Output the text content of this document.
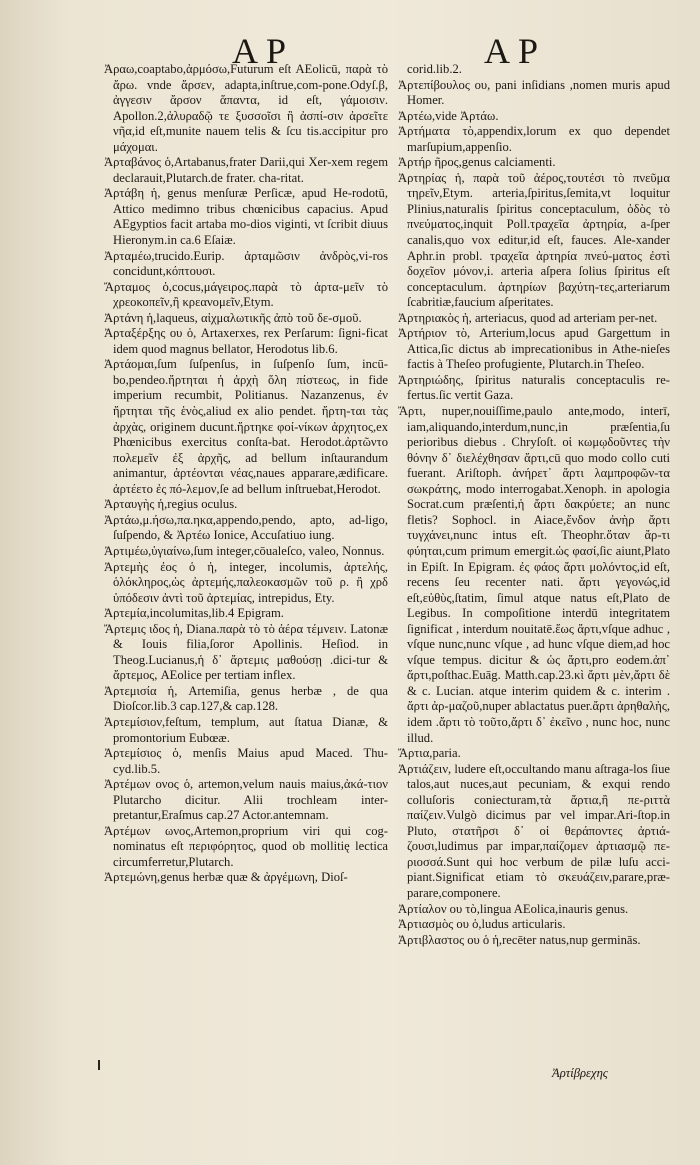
AP	AP

Ἀραω,coaptabo,ἀρμόσω,Futurum eſt AEolicū, παρὰ τὸ ἄρω. vnde ἄρσεν, adapta,inſtrue,com-pone.Odyſ.β, ἀγγεσιν ἄρσον ἅπαντα, id eſt, γάμοισιν. Apollon.2,ἀλυραδῷ τε ξυσσοῖσι ἢ ἀσπί-σιν ἀρσεῖτε νῆα,id eſt,munite nauem telis & ſcu tis.accipitur pro μάχομαι.

Ἀρταβάνος ὁ,Artabanus,frater Darii,qui Xer-xem regem declarauit,Plutarch.de frater. cha-ritat.

Ἀρτάβη ἡ, genus menſuræ Perſicæ, apud He-rodotū, Attico medimno tribus chœnicibus capacius. Apud AEgyptios facit artaba mo-dios viginti, vt ſcribit diuus Hieronym.in ca.6 Eſaiæ.

Ἀρταμέω,trucido.Eurip. ἀρταμῶσιν ἀνδρὸς,vi-ros concidunt,κόπτουσι.

Ἄρταμος ὁ,cocus,μάγειρος.παρὰ τὸ ἀρτα-μεῖν τὸ χρεοκοπεῖν,ἢ κρεανομεῖν,Etym.

Ἀρτάνη ἡ,laqueus, αἰχμαλωτικῆς ἀπὸ τοῦ δε-σμοῦ.

Ἀρταξέρξης ου ὁ, Artaxerxes, rex Perſarum: ſigni-ficat idem quod magnus bellator, Herodotus lib.6.

Ἀρτάομαι,ſum ſuſpenſus, in ſuſpenſo ſum, incū-bo,pendeo.ἤρτηται ἡ ἀρχὴ ὅλη πίστεως, in fide imperium recumbit, Politianus. Nazanzenus, ἐν ἤρτηται τῆς ἑνὸς,aliud ex alio pendet. ἤρτη-ται τὰς ἀρχὰς, originem ducunt.ἤρτηκε φοί-νίκων ἀρχητος,ex Phœnicibus exercitus conſta-bat. Herodot.ἀρτῶντο πολεμεῖν ἐξ ἀρχῆς, ad bellum inſtaurandum animantur, ἀρτέονται νέας,naues apparare,ædificare. ἀρτέετο ἐς πό-λεμον,ſe ad bellum inſtruebat,Herodot.

Ἀρταυγὴς ἡ,regius oculus.

Ἀρτάω,μ.ήσω,πα.ηκα,appendo,pendo, apto, ad-ligo, ſuſpendo, & Ἀρτέω Ionice, Accuſatiuo iung.

Ἀρτιμέω,ὑγιαίνω,ſum integer,cōualeſco, valeo, Nonnus.

Ἀρτεμὴς ἐος ὁ ἡ, integer, incolumis, ἀρτελής, ὁλόκληρος,ὡς ἀρτεμής,παλεοκασμῶν τοῦ ρ. ἢ χρδ ὑπόδεσιν ἀντὶ τοῦ ἀρτεμίας, intrepidus, Ety.

Ἀρτεμία,incolumitas,lib.4 Epigram.

Ἄρτεμις ιδος ἡ, Diana.παρὰ τὸ τὸ ἀέρα τέμνειν. Latonæ & Iouis filia,ſoror Apollinis. Heſiod. in Theog.Lucianus,ἡ δ᾽ ἄρτεμις μαθούσῃ .dici-tur & ἄρτεμος, AEolice per tertiam inflex.

Ἀρτεμισία ἡ, Artemiſia, genus herbæ , de qua Dioſcor.lib.3 cap.127,& cap.128.

Ἀρτεμίσιον,feſtum, templum, aut ſtatua Dianæ, & promontorium Eubœæ.

Ἀρτεμίσιος ὁ, menſis Maius apud Maced. Thu-cyd.lib.5.

Ἀρτέμων ονος ὁ, artemon,velum nauis maius,ἀκά-τιον Plutarcho dicitur. Alii trochleam inter-pretantur,Eraſmus cap.27 Actor.antemnam.

Ἀρτέμων ωνος,Artemon,proprium viri qui cog-nominatus eſt περιφόρητος, quod ob mollitię lectica circumferretur,Plutarch.

Ἀρτεμώνη,genus herbæ quæ & ἀργέμωνη, Dioſ-

corid.lib.2.

Ἀρτεπίβουλος ου, pani inſidians ,nomen muris apud Homer.

Ἀρτέω,vide Ἀρτάω.

Ἀρτήματα τὸ,appendix,lorum ex quo dependet marſupium,appenſio.

Ἀρτήρ ῆρος,genus calciamenti.

Ἀρτηρίας ἡ, παρὰ τοῦ ἀέρος,τουτέσι τὸ πνεῦμα τηρεῖν,Etym. arteria,ſpiritus,ſemita,vt loquitur Plinius,naturalis ſpiritus conceptaculum, ὁδὸς τὸ πνεύματος,inquit Poll.τραχεῖα ἀρτηρία, a-ſper canalis,quo vox editur,id eſt, fauces. Ale-xander Aphr.in probl. τραχεῖα ἀρτηρία πνεύ-ματος ἐστὶ δοχεῖον μόνον,i. arteria aſpera ſolius ſpiritus eſt conceptaculum. ἀρτηρίων βαχύτη-τες,arteriarum ſcabritiæ,faucium aſperitates.

Ἀρτηριακὸς ἡ, arteriacus, quod ad arteriam per-net.

Ἀρτήριον τὸ, Arterium,locus apud Gargettum in Attica,ſic dictus ab imprecationibus in Athe-nieſes factis à Theſeo profugiente, Plutarch.in Theſeo.

Ἀρτηριώδης, ſpiritus naturalis conceptaculis re-fertus.ſic vertit Gaza.

Ἄρτι, nuper,nouiſſime,paulo ante,modo, interī, iam,aliquando,interdum,nunc,in præſentia,ſu perioribus diebus . Chryſoſt. οἱ κωμῳδοῦντες τὴν θόνην δ᾽ διελέχθησαν ἄρτι,cū quo modo collo cuti fuerant. Ariſtoph. ἀνήρετ᾽ ἄρτι λαμπροφῶν-τα σωκράτης, modo interrogabat.Xenoph. in apologia Socrat.cum præſenti,ἡ ἄρτι δακρύετε; an nunc fletis? Sophocl. in Aiace,ἔνδον ἀνὴρ ἄρτι τυγχάνει,nunc intus eſt. Theophr.ὅταν ἄρ-τι φύηται,cum primum emergit.ὡς φασί,ſic aiunt,Plato in Epiſt. In Epigram. ἐς φάος ἄρτι μολόντος,id eſt, recens ſeu recenter nati. ἄρτι γεγονώς,id eſt,εὐθὺς,ſtatim, ſimul atque natus eſt,Plato de Legibus. In compoſitione interdū integritatem ſignificat , interdum nouitatē.ἕως ἄρτι,vſque adhuc , vſque nunc,nunc vſque , ad hunc vſque diem,ad hoc vſque tempus. dicitur & ὡς ἄρτι,pro eodem.ἀπ᾽ ἄρτι,poſthac.Euāg. Matth.cap.23.κὶ ἄρτι μὲν,ἄρτι δὲ & c. Lucian. atque interim quidem & c. interim . ἄρτι ἀρ-μαζοῦ,nuper ablactatus puer.ἄρτι ἀρηθαλὴς, idem .ἄρτι τὸ τοῦτο,ἄρτι δ᾽ ἐκεῖνο , nunc hoc, nunc illud.

Ἄρτια,paria.

Ἀρτιάζειν, ludere eſt,occultando manu aſtraga-los ſiue talos,aut nuces,aut pecuniam, & exqui rendo colluſoris coniecturam,τὰ ἄρτια,ἢ πε-ριττὰ παίζειν.Vulgò dicimus par vel impar.Ari-ſtop.in Pluto, στατῆρσι δ᾽ οἱ θεράποντες ἀρτιά-ζουσι,ludimus par impar,παίζομεν ἀρτιασμῷ πε-ριοσσά.Sunt qui hoc verbum de pilæ luſu acci-piant.Significat etiam τὸ σκευάζειν,parare,præ-parare,componere.

Ἀρτίαλον ου τὸ,lingua AEolica,inauris genus.

Ἀρτιασμὸς ου ὁ,ludus articularis.

Ἀρτιβλαστος ου ὁ ἡ,recēter natus,nup germinās.

Ἀρτίβρεχης
